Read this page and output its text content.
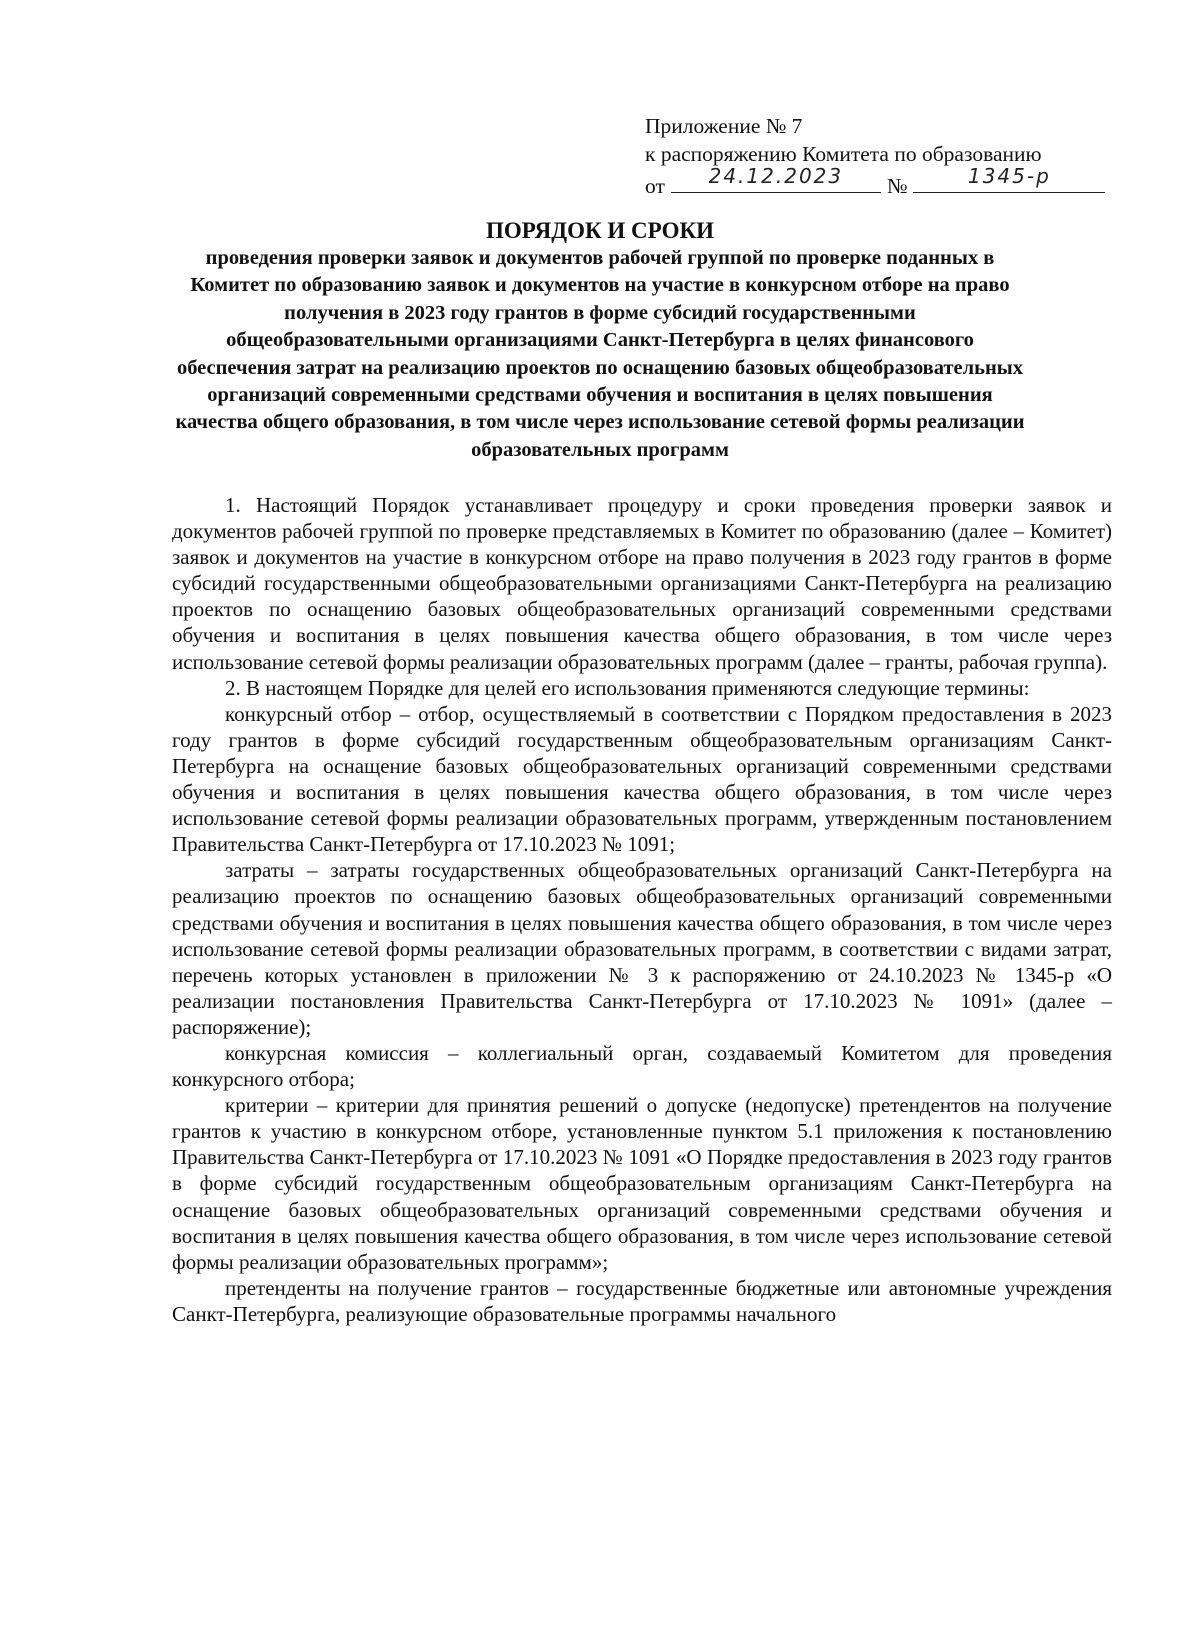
Приложение № 7
к распоряжению Комитета по образованию
от	24.12.2023	№	1345-р
ПОРЯДОК И СРОКИ

проведения проверки заявок и документов рабочей группой по проверке поданных в Комитет по образованию заявок и документов на участие в конкурсном отборе на право получения в 2023 году грантов в форме субсидий государственными общеобразовательными организациями Санкт-Петербурга в целях финансового обеспечения затрат на реализацию проектов по оснащению базовых общеобразовательных организаций современными средствами обучения и воспитания в целях повышения качества общего образования, в том числе через использование сетевой формы реализации образовательных программ

1. Настоящий Порядок устанавливает процедуру и сроки проведения проверки заявок и документов рабочей группой по проверке представляемых в Комитет по образованию (далее – Комитет) заявок и документов на участие в конкурсном отборе на право получения в 2023 году грантов в форме субсидий государственными общеобразовательными организациями Санкт-Петербурга на реализацию проектов по оснащению базовых общеобразовательных организаций современными средствами обучения и воспитания в целях повышения качества общего образования, в том числе через использование сетевой формы реализации образовательных программ (далее – гранты, рабочая группа).

2. В настоящем Порядке для целей его использования применяются следующие термины:

конкурсный отбор – отбор, осуществляемый в соответствии с Порядком предоставления в 2023 году грантов в форме субсидий государственным общеобразовательным организациям Санкт-Петербурга на оснащение базовых общеобразовательных организаций современными средствами обучения и воспитания в целях повышения качества общего образования, в том числе через использование сетевой формы реализации образовательных программ, утвержденным постановлением Правительства Санкт-Петербурга от 17.10.2023 № 1091;

затраты – затраты государственных общеобразовательных организаций Санкт-Петербурга на реализацию проектов по оснащению базовых общеобразовательных организаций современными средствами обучения и воспитания в целях повышения качества общего образования, в том числе через использование сетевой формы реализации образовательных программ, в соответствии с видами затрат, перечень которых установлен в приложении № 3 к распоряжению от 24.10.2023 № 1345-р «О реализации постановления Правительства Санкт-Петербурга от 17.10.2023 № 1091» (далее – распоряжение);

конкурсная комиссия – коллегиальный орган, создаваемый Комитетом для проведения конкурсного отбора;

критерии – критерии для принятия решений о допуске (недопуске) претендентов на получение грантов к участию в конкурсном отборе, установленные пунктом 5.1 приложения к постановлению Правительства Санкт-Петербурга от 17.10.2023 № 1091 «О Порядке предоставления в 2023 году грантов в форме субсидий государственным общеобразовательным организациям Санкт-Петербурга на оснащение базовых общеобразовательных организаций современными средствами обучения и воспитания в целях повышения качества общего образования, в том числе через использование сетевой формы реализации образовательных программ»;

претенденты на получение грантов – государственные бюджетные или автономные учреждения Санкт-Петербурга, реализующие образовательные программы начального
